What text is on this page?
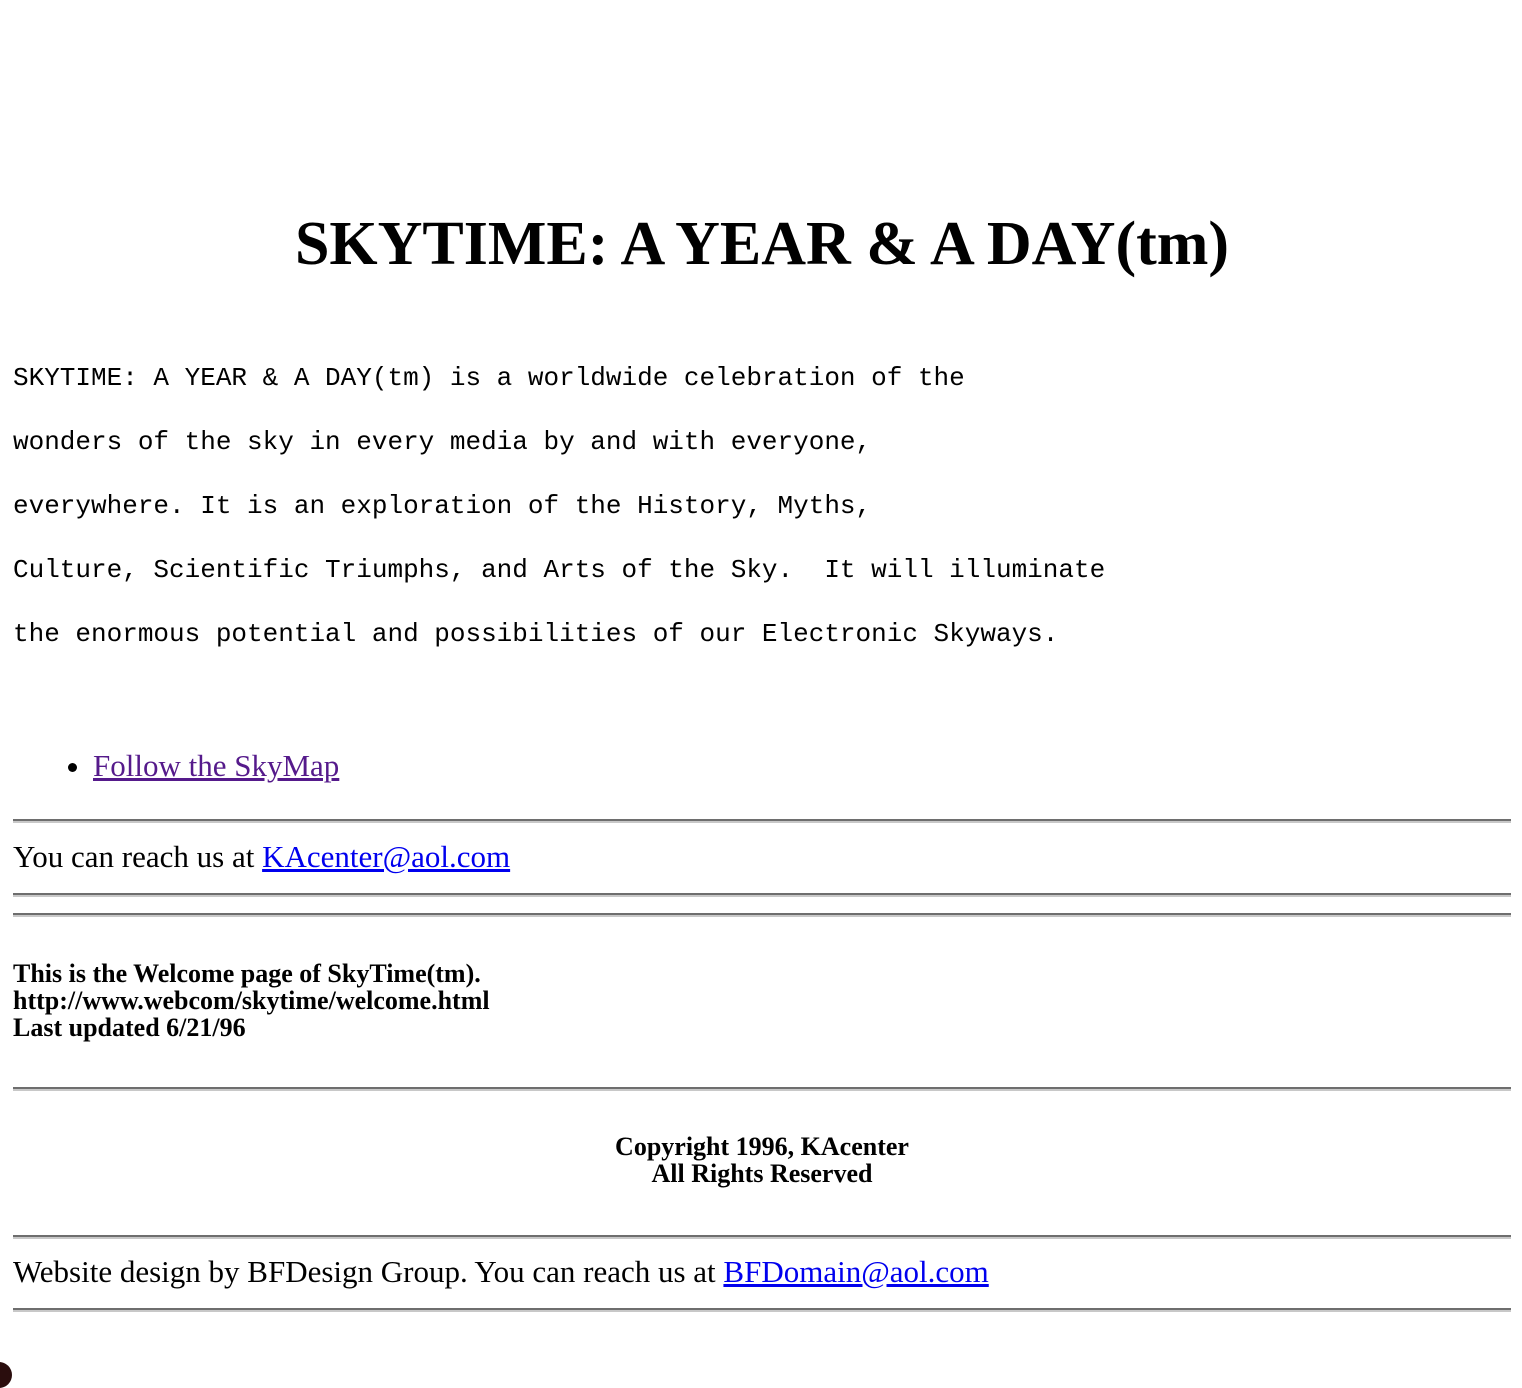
SKYTIME: A YEAR & A DAY(tm)
SKYTIME: A YEAR & A DAY(tm) is a worldwide celebration of the
wonders of the sky in every media by and with everyone,
everywhere. It is an exploration of the History, Myths,
Culture, Scientific Triumphs, and Arts of the Sky.  It will illuminate
the enormous potential and possibilities of our Electronic Skyways.
• Follow the SkyMap

You can reach us at KAcenter@aol.com

This is the Welcome page of SkyTime(tm).
http://www.webcom/skytime/welcome.html
Last updated 6/21/96

Copyright 1996, KAcenter
All Rights Reserved

Website design by BFDesign Group. You can reach us at BFDomain@aol.com
